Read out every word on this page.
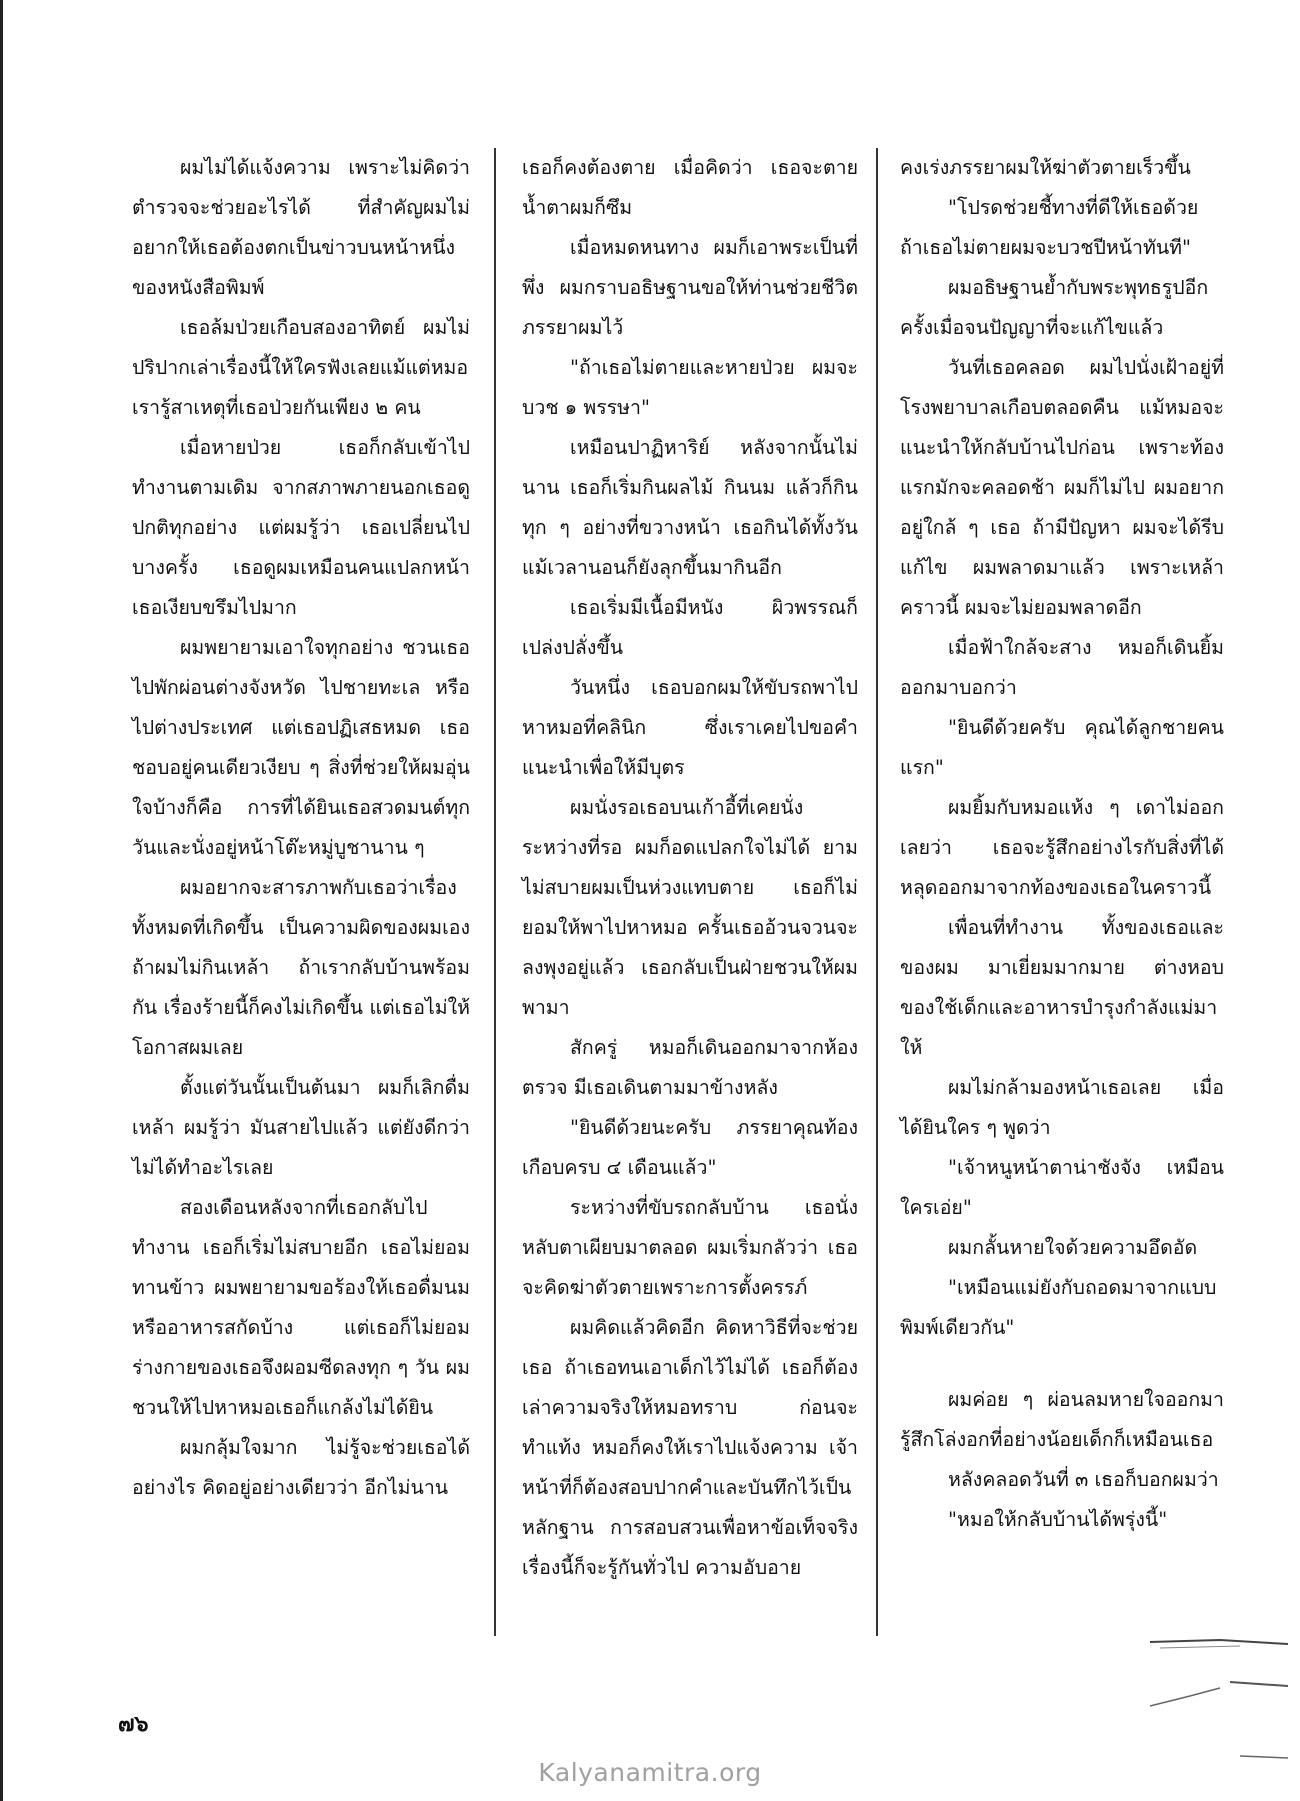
ผมไม่ได้แจ้งความ เพราะไม่คิดว่าตำรวจจะช่วยอะไรได้ ที่สำคัญผมไม่อยากให้เธอต้องตกเป็นข่าวบนหน้าหนึ่งของหนังสือพิมพ์

เธอล้มป่วยเกือบสองอาทิตย์ ผมไม่ปริปากเล่าเรื่องนี้ให้ใครฟังเลยแม้แต่หมอ เรารู้สาเหตุที่เธอป่วยกันเพียง ๒ คน

เมื่อหายป่วย เธอก็กลับเข้าไปทำงานตามเดิม จากสภาพภายนอกเธอดูปกติทุกอย่าง แต่ผมรู้ว่า เธอเปลี่ยนไป บางครั้ง เธอดูผมเหมือนคนแปลกหน้า เธอเงียบขรึมไปมาก

ผมพยายามเอาใจทุกอย่าง ชวนเธอไปพักผ่อนต่างจังหวัด ไปชายทะเล หรือไปต่างประเทศ แต่เธอปฏิเสธหมด เธอชอบอยู่คนเดียวเงียบ ๆ สิ่งที่ช่วยให้ผมอุ่นใจบ้างก็คือ การที่ได้ยินเธอสวดมนต์ทุกวันและนั่งอยู่หน้าโต๊ะหมู่บูชานาน ๆ

ผมอยากจะสารภาพกับเธอว่าเรื่องทั้งหมดที่เกิดขึ้น เป็นความผิดของผมเอง ถ้าผมไม่กินเหล้า ถ้าเรากลับบ้านพร้อมกัน เรื่องร้ายนี้ก็คงไม่เกิดขึ้น แต่เธอไม่ให้โอกาสผมเลย

ตั้งแต่วันนั้นเป็นต้นมา ผมก็เลิกดื่มเหล้า ผมรู้ว่า มันสายไปแล้ว แต่ยังดีกว่าไม่ได้ทำอะไรเลย

สองเดือนหลังจากที่เธอกลับไปทำงาน เธอก็เริ่มไม่สบายอีก เธอไม่ยอมทานข้าว ผมพยายามขอร้องให้เธอดื่มนมหรืออาหารสกัดบ้าง แต่เธอก็ไม่ยอม ร่างกายของเธอจึงผอมซีดลงทุก ๆ วัน ผมชวนให้ไปหาหมอเธอก็แกล้งไม่ได้ยิน

ผมกลุ้มใจมาก ไม่รู้จะช่วยเธอได้อย่างไร คิดอยู่อย่างเดียวว่า อีกไม่นาน

เธอก็คงต้องตาย เมื่อคิดว่า เธอจะตาย น้ำตาผมก็ซึม

เมื่อหมดหนทาง ผมก็เอาพระเป็นที่พึ่ง ผมกราบอธิษฐานขอให้ท่านช่วยชีวิตภรรยาผมไว้

"ถ้าเธอไม่ตายและหายป่วย ผมจะบวช ๑ พรรษา"

เหมือนปาฏิหาริย์ หลังจากนั้นไม่นาน เธอก็เริ่มกินผลไม้ กินนม แล้วก็กินทุก ๆ อย่างที่ขวางหน้า เธอกินได้ทั้งวัน แม้เวลานอนก็ยังลุกขึ้นมากินอีก

เธอเริ่มมีเนื้อมีหนัง ผิวพรรณก็เปล่งปลั่งขึ้น

วันหนึ่ง เธอบอกผมให้ขับรถพาไปหาหมอที่คลินิก ซึ่งเราเคยไปขอคำแนะนำเพื่อให้มีบุตร

ผมนั่งรอเธอบนเก้าอี้ที่เคยนั่งระหว่างที่รอ ผมก็อดแปลกใจไม่ได้ ยามไม่สบายผมเป็นห่วงแทบตาย เธอก็ไม่ยอมให้พาไปหาหมอ ครั้นเธออ้วนจวนจะลงพุงอยู่แล้ว เธอกลับเป็นฝ่ายชวนให้ผมพามา

สักครู่ หมอก็เดินออกมาจากห้องตรวจ มีเธอเดินตามมาข้างหลัง

"ยินดีด้วยนะครับ ภรรยาคุณท้องเกือบครบ ๔ เดือนแล้ว"

ระหว่างที่ขับรถกลับบ้าน เธอนั่งหลับตาเผียบมาตลอด ผมเริ่มกลัวว่า เธอจะคิดฆ่าตัวตายเพราะการตั้งครรภ์

ผมคิดแล้วคิดอีก คิดหาวิธีที่จะช่วยเธอ ถ้าเธอทนเอาเด็กไว้ไม่ได้ เธอก็ต้องเล่าความจริงให้หมอทราบ ก่อนจะทำแท้ง หมอก็คงให้เราไปแจ้งความ เจ้าหน้าที่ก็ต้องสอบปากคำและบันทึกไว้เป็นหลักฐาน การสอบสวนเพื่อหาข้อเท็จจริงเรื่องนี้ก็จะรู้กันทั่วไป ความอับอาย

คงเร่งภรรยาผมให้ฆ่าตัวตายเร็วขึ้น

"โปรดช่วยชี้ทางที่ดีให้เธอด้วย ถ้าเธอไม่ตายผมจะบวชปีหน้าทันที"

ผมอธิษฐานย้ำกับพระพุทธรูปอีกครั้งเมื่อจนปัญญาที่จะแก้ไขแล้ว

วันที่เธอคลอด ผมไปนั่งเฝ้าอยู่ที่โรงพยาบาลเกือบตลอดคืน แม้หมอจะแนะนำให้กลับบ้านไปก่อน เพราะท้องแรกมักจะคลอดช้า ผมก็ไม่ไป ผมอยากอยู่ใกล้ ๆ เธอ ถ้ามีปัญหา ผมจะได้รีบแก้ไข ผมพลาดมาแล้ว เพราะเหล้า คราวนี้ ผมจะไม่ยอมพลาดอีก

เมื่อฟ้าใกล้จะสาง หมอก็เดินยิ้มออกมาบอกว่า

"ยินดีด้วยครับ คุณได้ลูกชายคนแรก"

ผมยิ้มกับหมอแห้ง ๆ เดาไม่ออกเลยว่า เธอจะรู้สึกอย่างไรกับสิ่งที่ได้หลุดออกมาจากท้องของเธอในคราวนี้

เพื่อนที่ทำงาน ทั้งของเธอและของผม มาเยี่ยมมากมาย ต่างหอบของใช้เด็กและอาหารบำรุงกำลังแม่มาให้

ผมไม่กล้ามองหน้าเธอเลย เมื่อได้ยินใคร ๆ พูดว่า

"เจ้าหนูหน้าตาน่าชังจัง เหมือนใครเอ่ย"

ผมกลั้นหายใจด้วยความอึดอัด

"เหมือนแม่ยังกับถอดมาจากแบบพิมพ์เดียวกัน"

ผมค่อย ๆ ผ่อนลมหายใจออกมา รู้สึกโล่งอกที่อย่างน้อยเด็กก็เหมือนเธอ

หลังคลอดวันที่ ๓ เธอก็บอกผมว่า

"หมอให้กลับบ้านได้พรุ่งนี้"

๗๖
Kalyanamitra.org
